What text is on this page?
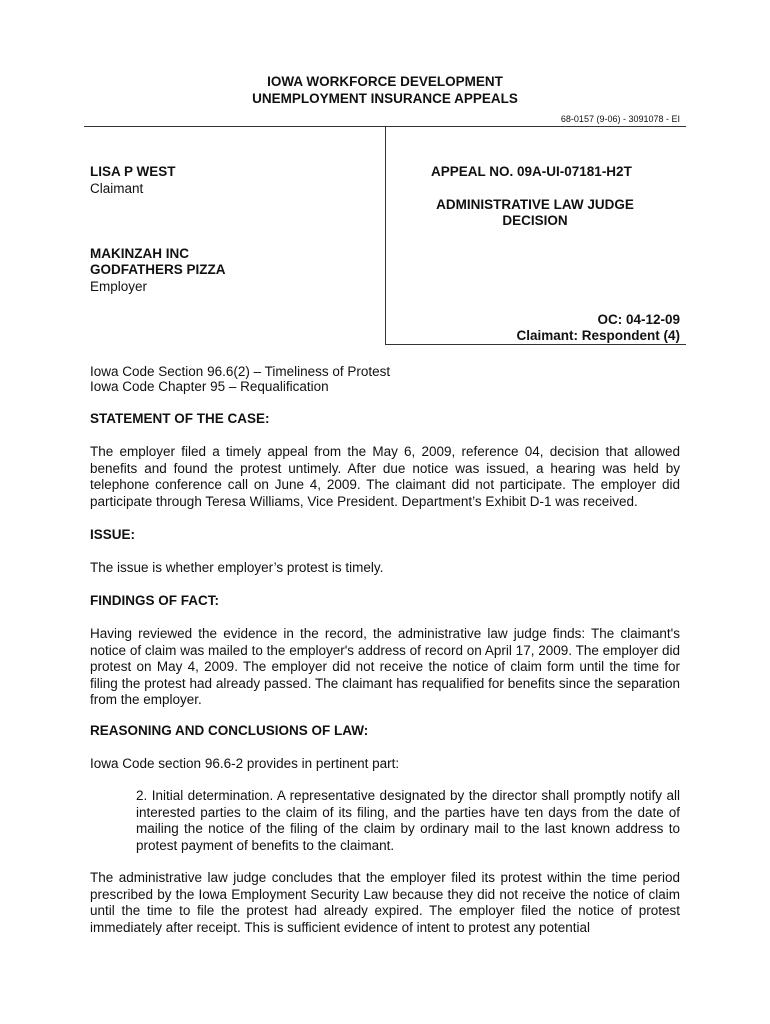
IOWA WORKFORCE DEVELOPMENT
UNEMPLOYMENT INSURANCE APPEALS
68-0157 (9-06) - 3091078 - EI
LISA P WEST
Claimant
MAKINZAH INC
GODFATHERS PIZZA
Employer
APPEAL NO. 09A-UI-07181-H2T
ADMINISTRATIVE LAW JUDGE
DECISION
OC: 04-12-09
Claimant: Respondent (4)
Iowa Code Section 96.6(2) – Timeliness of Protest
Iowa Code Chapter 95 – Requalification
STATEMENT OF THE CASE:

The employer filed a timely appeal from the May 6, 2009, reference 04, decision that allowed benefits and found the protest untimely. After due notice was issued, a hearing was held by telephone conference call on June 4, 2009. The claimant did not participate. The employer did participate through Teresa Williams, Vice President. Department’s Exhibit D-1 was received.

ISSUE:

The issue is whether employer’s protest is timely.

FINDINGS OF FACT:

Having reviewed the evidence in the record, the administrative law judge finds: The claimant's notice of claim was mailed to the employer's address of record on April 17, 2009. The employer did protest on May 4, 2009. The employer did not receive the notice of claim form until the time for filing the protest had already passed. The claimant has requalified for benefits since the separation from the employer.

REASONING AND CONCLUSIONS OF LAW:

Iowa Code section 96.6-2 provides in pertinent part:

2. Initial determination. A representative designated by the director shall promptly notify all interested parties to the claim of its filing, and the parties have ten days from the date of mailing the notice of the filing of the claim by ordinary mail to the last known address to protest payment of benefits to the claimant.

The administrative law judge concludes that the employer filed its protest within the time period prescribed by the Iowa Employment Security Law because they did not receive the notice of claim until the time to file the protest had already expired. The employer filed the notice of protest immediately after receipt. This is sufficient evidence of intent to protest any potential
